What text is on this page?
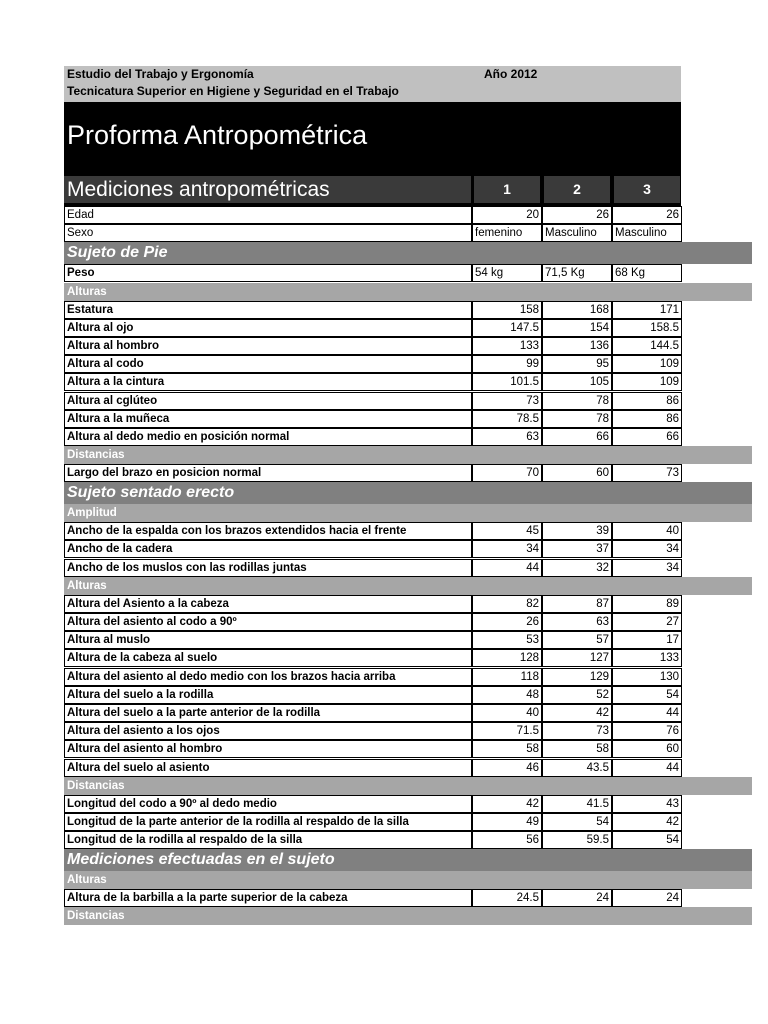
Estudio del Trabajo y Ergonomía
Tecnicatura Superior en Higiene y Seguridad en el Trabajo
Año 2012
Proforma Antropométrica
Mediciones antropométricas	1	2	3
Edad	20	26	26
Sexo	femenino	Masculino	Masculino
Sujeto de Pie
Peso	54 kg	71,5 Kg	68 Kg
Alturas
Estatura	158	168	171
Altura al ojo	147.5	154	158.5
Altura al hombro	133	136	144.5
Altura al codo	99	95	109
Altura a la cintura	101.5	105	109
Altura al cglúteo	73	78	86
Altura a la muñeca	78.5	78	86
Altura al dedo medio en posición normal	63	66	66
Distancias
Largo del brazo en posicion normal	70	60	73
Sujeto sentado erecto
Amplitud
Ancho de la espalda con los brazos extendidos hacia el frente	45	39	40
Ancho de la cadera	34	37	34
Ancho de los muslos con las rodillas juntas	44	32	34
Alturas
Altura del Asiento a la cabeza	82	87	89
Altura del asiento al codo a 90º	26	63	27
Altura al muslo	53	57	17
Altura de la cabeza al suelo	128	127	133
Altura del asiento al dedo medio con los brazos hacia arriba	118	129	130
Altura del suelo a la rodilla	48	52	54
Altura del suelo a la parte anterior de la rodilla	40	42	44
Altura del asiento a los ojos	71.5	73	76
Altura del asiento al hombro	58	58	60
Altura del suelo al asiento	46	43.5	44
Distancias
Longitud del codo a 90º al dedo medio	42	41.5	43
Longitud de la parte anterior de la rodilla al respaldo de la silla	49	54	42
Longitud de la rodilla al respaldo de la silla	56	59.5	54
Mediciones efectuadas en el sujeto
Alturas
Altura de la barbilla a la parte superior de la cabeza	24.5	24	24
Distancias
